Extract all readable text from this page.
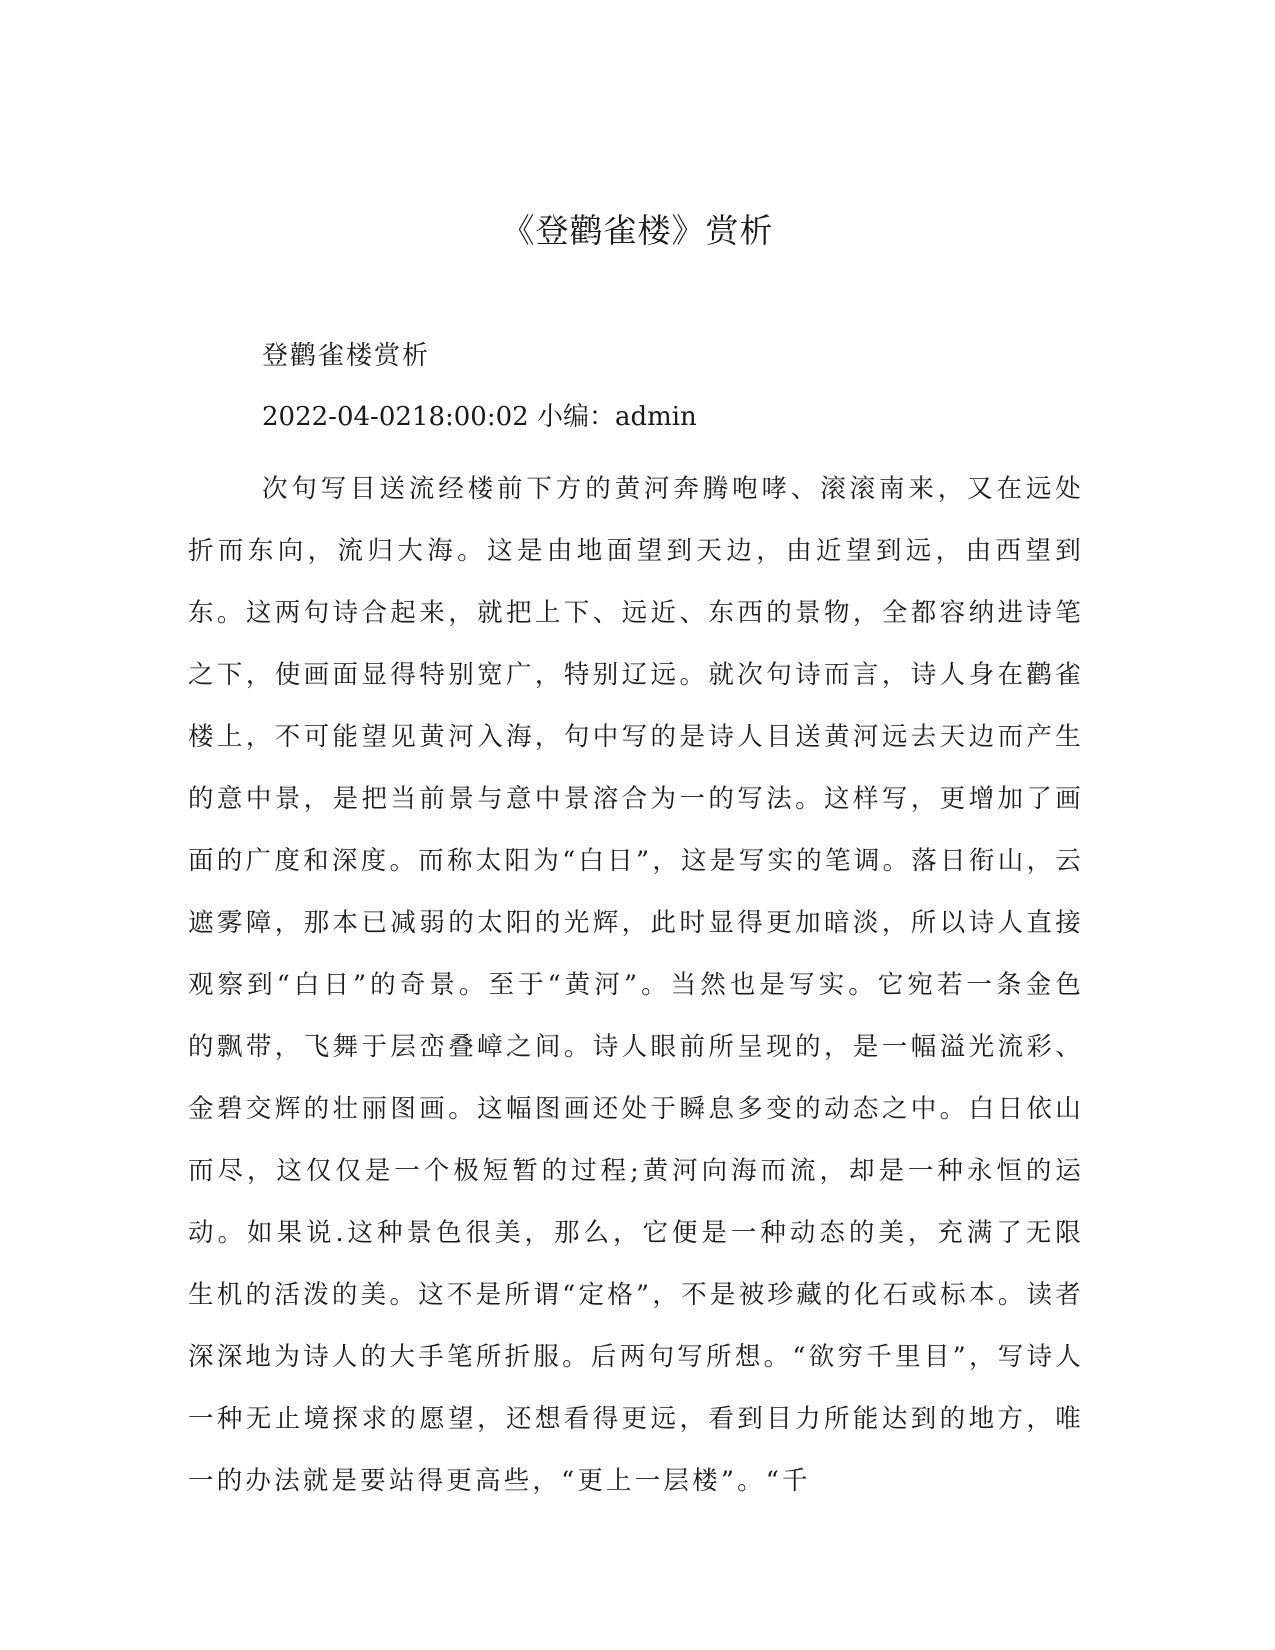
《登鹳雀楼》赏析

登鹳雀楼赏析

2022-04-0218:00:02 小编：admin

次句写目送流经楼前下方的黄河奔腾咆哮、滚滚南来，又在远处折而东向，流归大海。这是由地面望到天边，由近望到远，由西望到东。这两句诗合起来，就把上下、远近、东西的景物，全都容纳进诗笔之下，使画面显得特别宽广，特别辽远。就次句诗而言，诗人身在鹳雀楼上，不可能望见黄河入海，句中写的是诗人目送黄河远去天边而产生的意中景，是把当前景与意中景溶合为一的写法。这样写，更增加了画面的广度和深度。而称太阳为“白日”，这是写实的笔调。落日衔山，云遮雾障，那本已减弱的太阳的光辉，此时显得更加暗淡，所以诗人直接观察到“白日”的奇景。至于“黄河”。当然也是写实。它宛若一条金色的飘带，飞舞于层峦叠嶂之间。诗人眼前所呈现的，是一幅溢光流彩、金碧交辉的壮丽图画。这幅图画还处于瞬息多变的动态之中。白日依山而尽，这仅仅是一个极短暂的过程;黄河向海而流，却是一种永恒的运动。如果说.这种景色很美，那么，它便是一种动态的美，充满了无限生机的活泼的美。这不是所谓“定格”，不是被珍藏的化石或标本。读者深深地为诗人的大手笔所折服。后两句写所想。“欲穷千里目”，写诗人一种无止境探求的愿望，还想看得更远，看到目力所能达到的地方，唯一的办法就是要站得更高些，“更上一层楼”。“千
